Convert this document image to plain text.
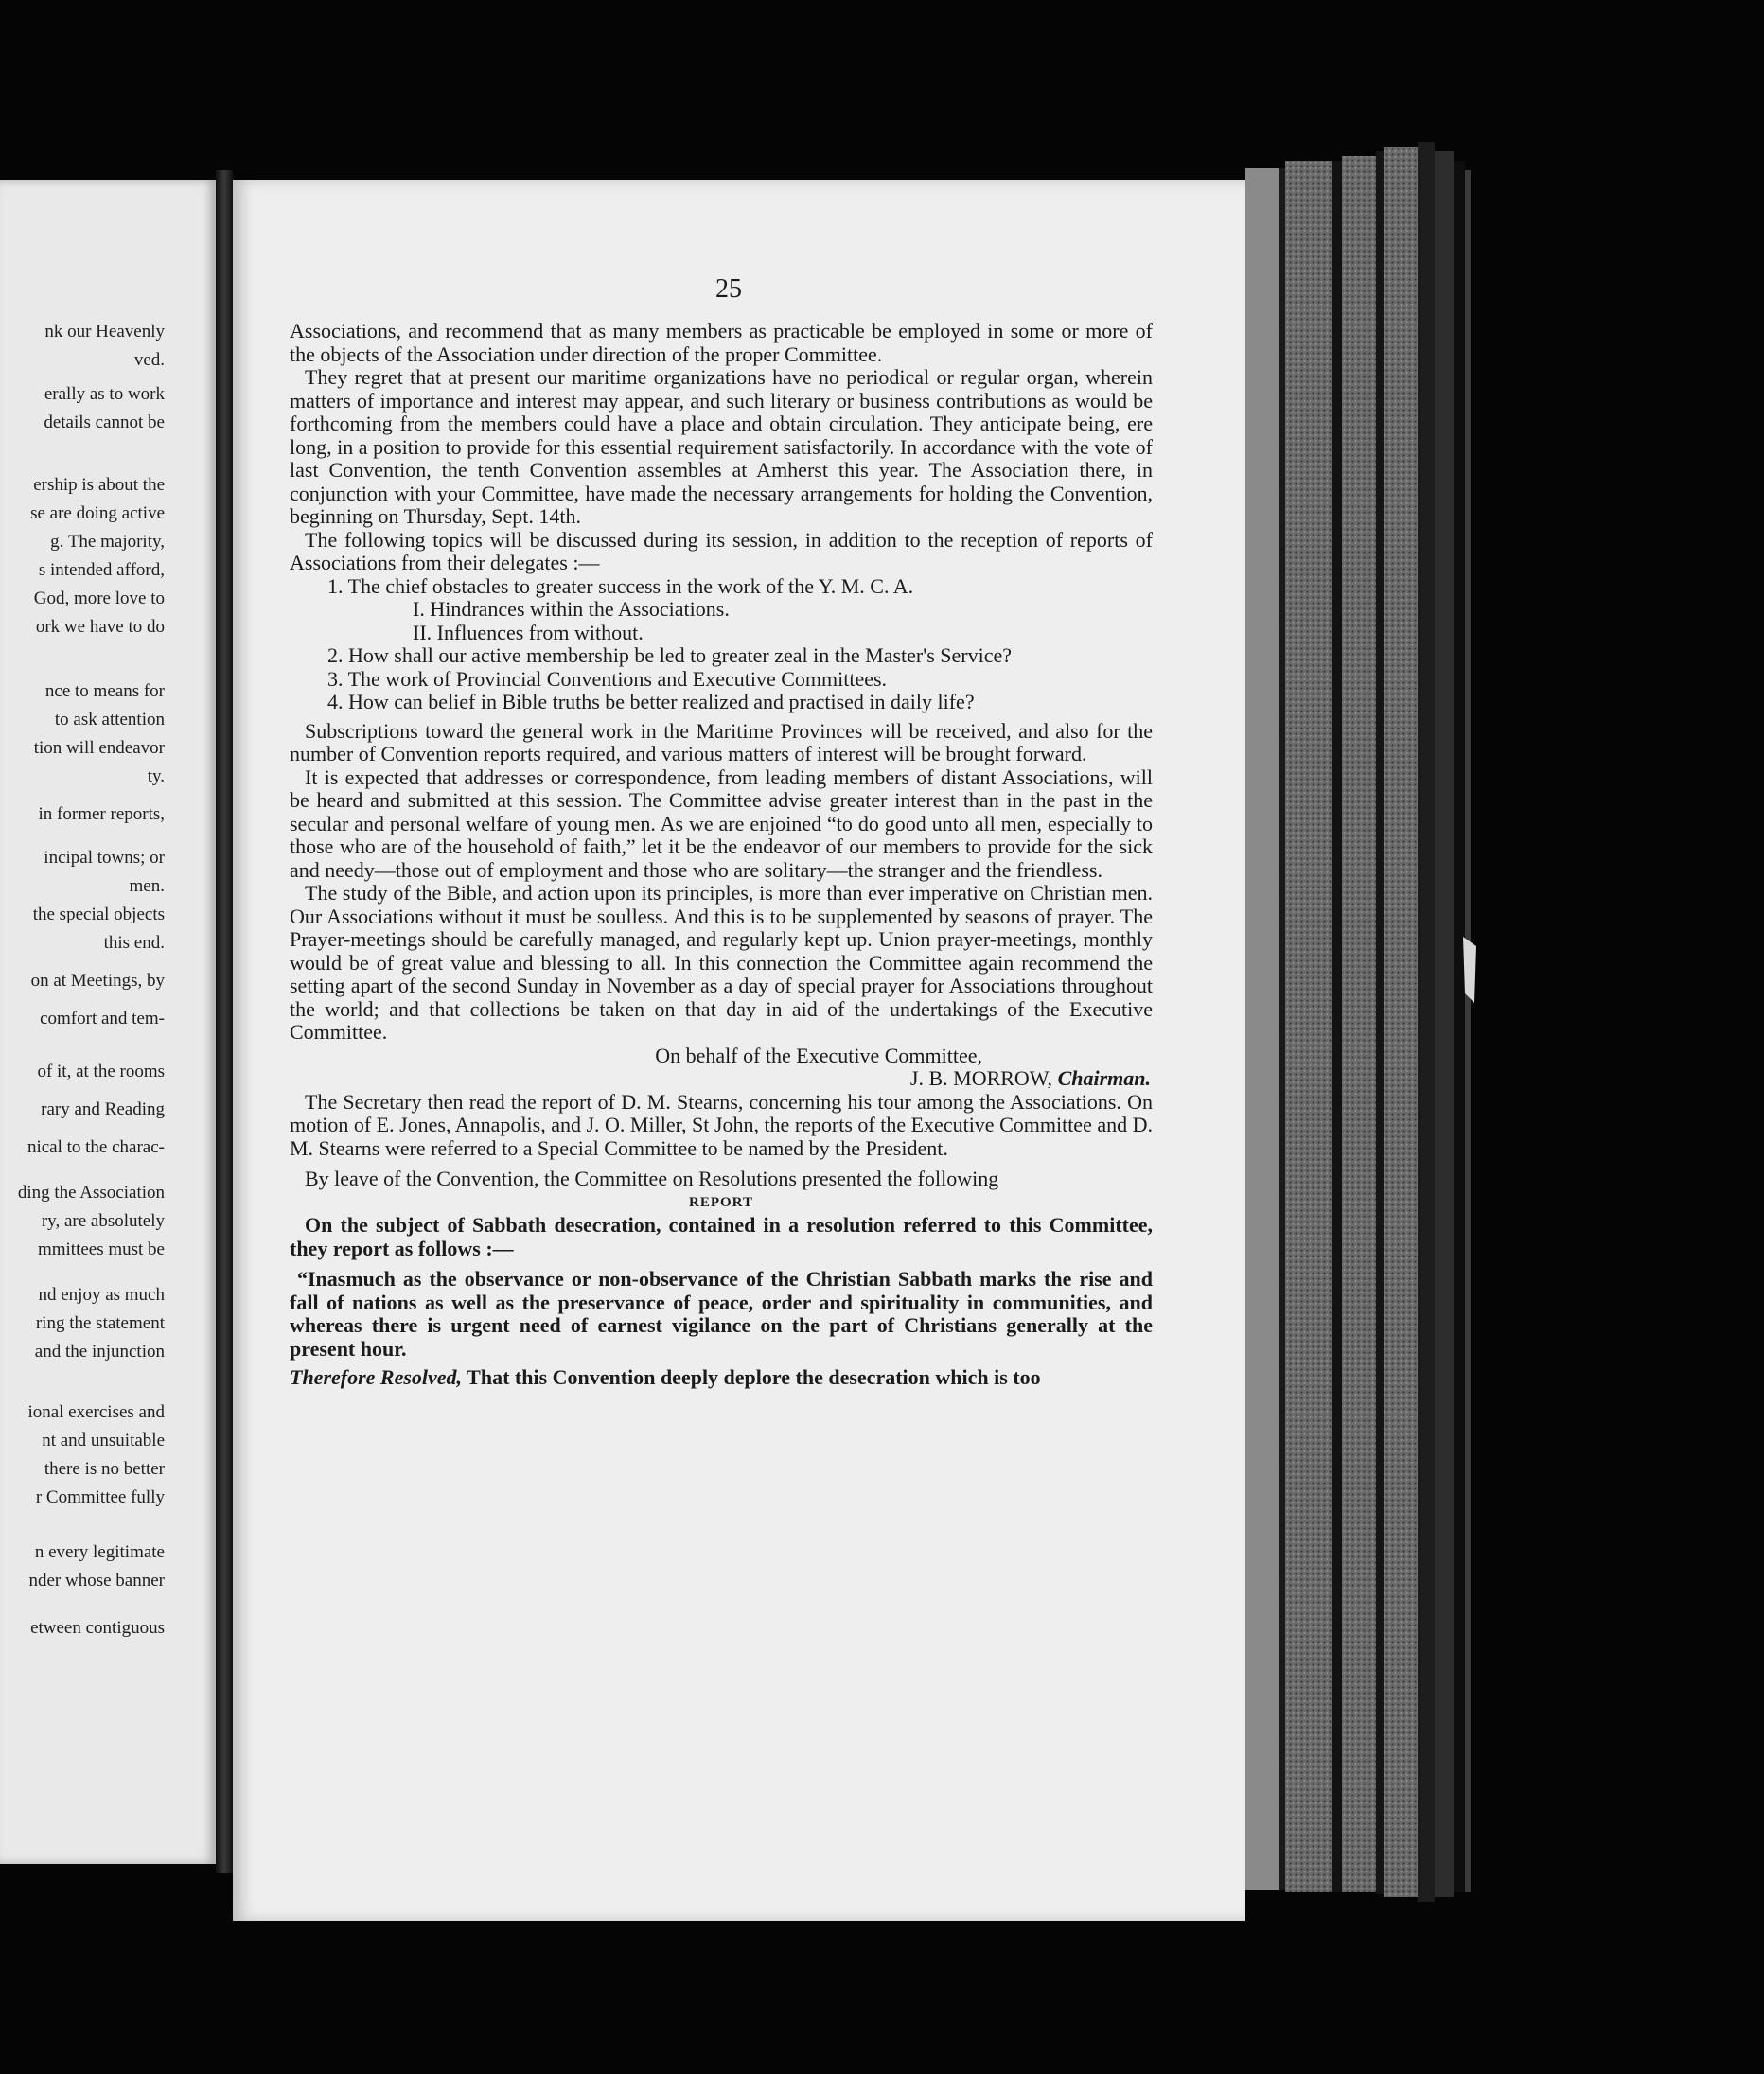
nk our Heavenly
ved.
erally as to work
details cannot be
ership is about the
se are doing active
g. The majority,
s intended afford,
God, more love to
ork we have to do
nce to means for
to ask attention
tion will endeavor
ty.
in former reports,
incipal towns; or
men.
the special objects
this end.
on at Meetings, by
comfort and tem-
of it, at the rooms
rary and Reading
nical to the charac-
ding the Association
ry, are absolutely
mmittees must be
nd enjoy as much
ring the statement
and the injunction
ional exercises and
nt and unsuitable
there is no better
r Committee fully
n every legitimate
nder whose banner
etween contiguous
25

Associations, and recommend that as many members as practicable be employed in some or more of the objects of the Association under direction of the proper Committee.

They regret that at present our maritime organizations have no periodical or regular organ, wherein matters of importance and interest may appear, and such literary or business contributions as would be forthcoming from the members could have a place and obtain circulation. They anticipate being, ere long, in a position to provide for this essential requirement satisfactorily. In accordance with the vote of last Convention, the tenth Convention assembles at Amherst this year. The Association there, in conjunction with your Committee, have made the necessary arrangements for holding the Convention, beginning on Thursday, Sept. 14th.

The following topics will be discussed during its session, in addition to the reception of reports of Associations from their delegates :—

1. The chief obstacles to greater success in the work of the Y. M. C. A.

I. Hindrances within the Associations.

II. Influences from without.

2. How shall our active membership be led to greater zeal in the Master's Service?

3. The work of Provincial Conventions and Executive Committees.

4. How can belief in Bible truths be better realized and practised in daily life?

Subscriptions toward the general work in the Maritime Provinces will be received, and also for the number of Convention reports required, and various matters of interest will be brought forward.

It is expected that addresses or correspondence, from leading members of distant Associations, will be heard and submitted at this session. The Committee advise greater interest than in the past in the secular and personal welfare of young men. As we are enjoined “to do good unto all men, especially to those who are of the household of faith,” let it be the endeavor of our members to provide for the sick and needy—those out of employment and those who are solitary—the stranger and the friendless.

The study of the Bible, and action upon its principles, is more than ever imperative on Christian men. Our Associations without it must be soulless. And this is to be supplemented by seasons of prayer. The Prayer-meetings should be carefully managed, and regularly kept up. Union prayer-meetings, monthly would be of great value and blessing to all. In this connection the Committee again recommend the setting apart of the second Sunday in November as a day of special prayer for Associations throughout the world; and that collections be taken on that day in aid of the undertakings of the Executive Committee.

On behalf of the Executive Committee,

J. B. MORROW, Chairman.

The Secretary then read the report of D. M. Stearns, concerning his tour among the Associations. On motion of E. Jones, Annapolis, and J. O. Miller, St John, the reports of the Executive Committee and D. M. Stearns were referred to a Special Committee to be named by the President.

By leave of the Convention, the Committee on Resolutions presented the following

REPORT

On the subject of Sabbath desecration, contained in a resolution referred to this Committee, they report as follows :—

“Inasmuch as the observance or non-observance of the Christian Sabbath marks the rise and fall of nations as well as the preservance of peace, order and spirituality in communities, and whereas there is urgent need of earnest vigilance on the part of Christians generally at the present hour.

Therefore Resolved, That this Convention deeply deplore the desecration which is too
